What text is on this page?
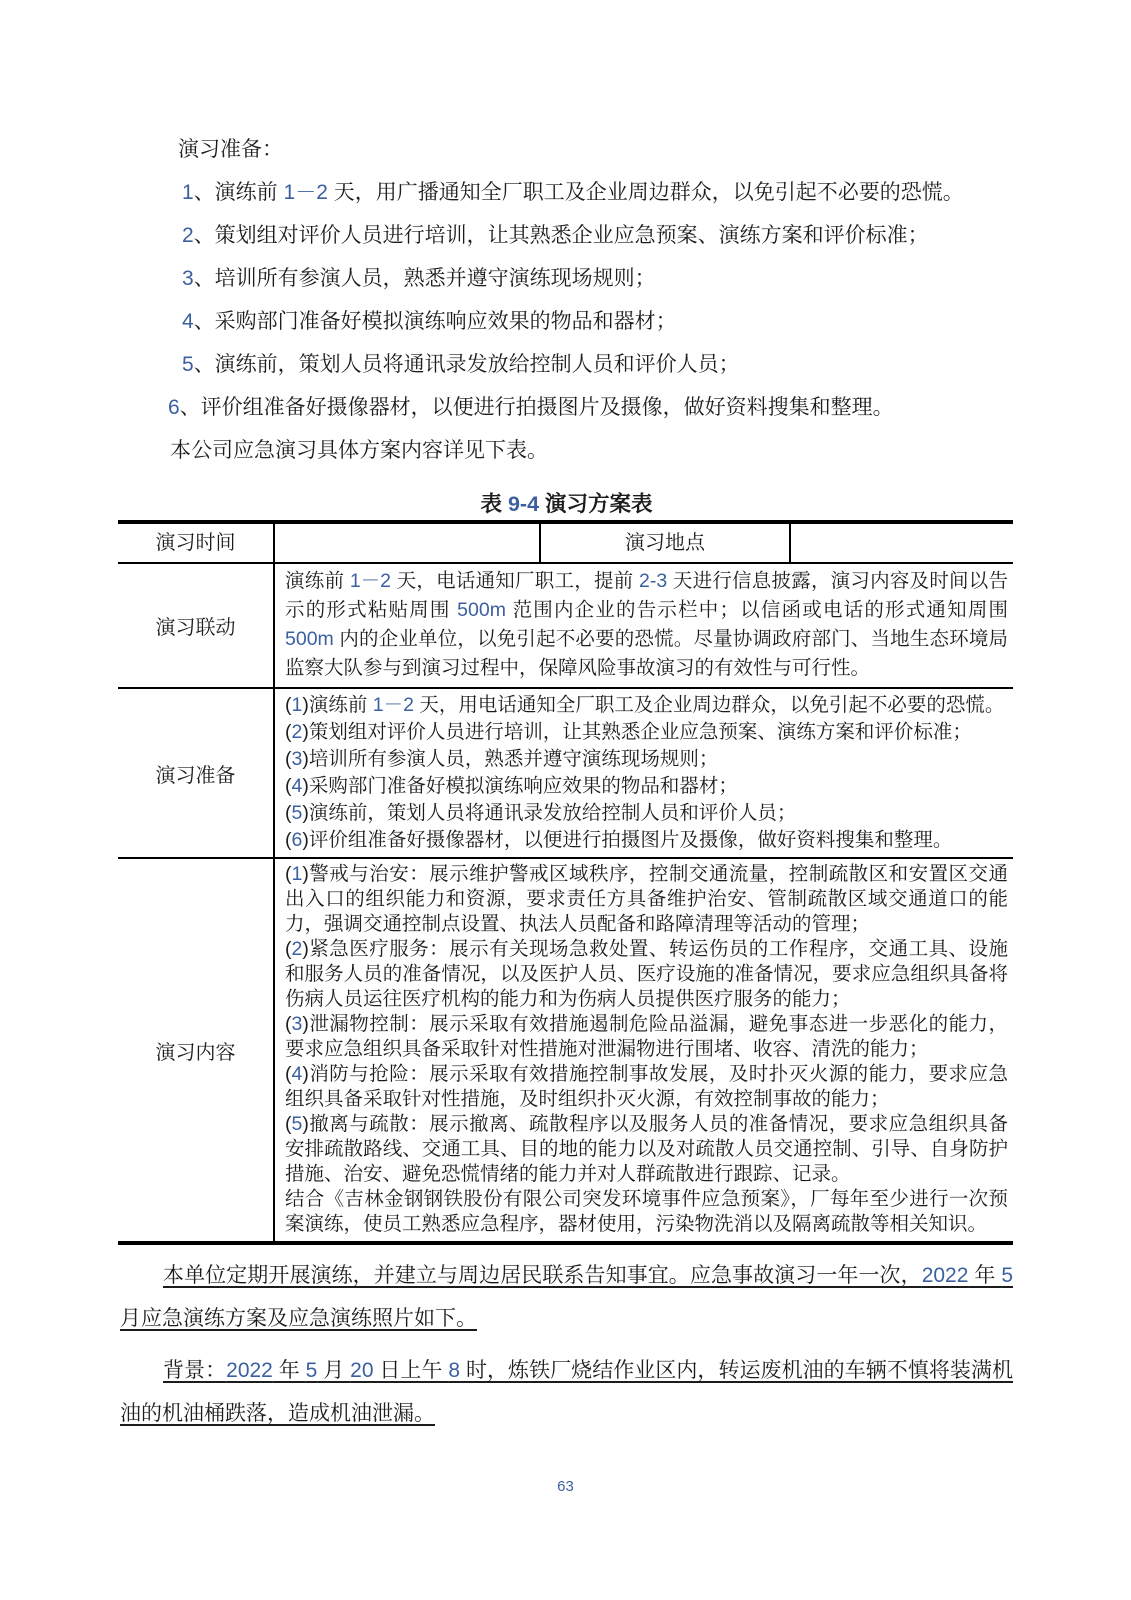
演习准备：
1、演练前 1－2 天，用广播通知全厂职工及企业周边群众，以免引起不必要的恐慌。
2、策划组对评价人员进行培训，让其熟悉企业应急预案、演练方案和评价标准；
3、培训所有参演人员，熟悉并遵守演练现场规则；
4、采购部门准备好模拟演练响应效果的物品和器材；
5、演练前，策划人员将通讯录发放给控制人员和评价人员；
6、评价组准备好摄像器材，以便进行拍摄图片及摄像，做好资料搜集和整理。
本公司应急演习具体方案内容详见下表。
表 9-4 演习方案表
演习时间	演习地点
演习联动
演练前 1－2 天，电话通知厂职工，提前 2-3 天进行信息披露，演习内容及时间以告示的形式粘贴周围 500m 范围内企业的告示栏中；以信函或电话的形式通知周围 500m 内的企业单位，以免引起不必要的恐慌。尽量协调政府部门、当地生态环境局监察大队参与到演习过程中，保障风险事故演习的有效性与可行性。
演习准备
(1)演练前 1－2 天，用电话通知全厂职工及企业周边群众，以免引起不必要的恐慌。
(2)策划组对评价人员进行培训，让其熟悉企业应急预案、演练方案和评价标准；
(3)培训所有参演人员，熟悉并遵守演练现场规则；
(4)采购部门准备好模拟演练响应效果的物品和器材；
(5)演练前，策划人员将通讯录发放给控制人员和评价人员；
(6)评价组准备好摄像器材，以便进行拍摄图片及摄像，做好资料搜集和整理。
演习内容
(1)警戒与治安：展示维护警戒区域秩序，控制交通流量，控制疏散区和安置区交通出入口的组织能力和资源，要求责任方具备维护治安、管制疏散区域交通道口的能力，强调交通控制点设置、执法人员配备和路障清理等活动的管理；
(2)紧急医疗服务：展示有关现场急救处置、转运伤员的工作程序，交通工具、设施和服务人员的准备情况，以及医护人员、医疗设施的准备情况，要求应急组织具备将伤病人员运往医疗机构的能力和为伤病人员提供医疗服务的能力；
(3)泄漏物控制：展示采取有效措施遏制危险品溢漏，避免事态进一步恶化的能力，要求应急组织具备采取针对性措施对泄漏物进行围堵、收容、清洗的能力；
(4)消防与抢险：展示采取有效措施控制事故发展，及时扑灭火源的能力，要求应急组织具备采取针对性措施，及时组织扑灭火源，有效控制事故的能力；
(5)撤离与疏散：展示撤离、疏散程序以及服务人员的准备情况，要求应急组织具备安排疏散路线、交通工具、目的地的能力以及对疏散人员交通控制、引导、自身防护措施、治安、避免恐慌情绪的能力并对人群疏散进行跟踪、记录。
结合《吉林金钢钢铁股份有限公司突发环境事件应急预案》，厂每年至少进行一次预案演练，使员工熟悉应急程序，器材使用，污染物洗消以及隔离疏散等相关知识。
本单位定期开展演练，并建立与周边居民联系告知事宜。应急事故演习一年一次，2022 年 5 月应急演练方案及应急演练照片如下。
背景：2022 年 5 月 20 日上午 8 时，炼铁厂烧结作业区内，转运废机油的车辆不慎将装满机油的机油桶跌落，造成机油泄漏。
63
